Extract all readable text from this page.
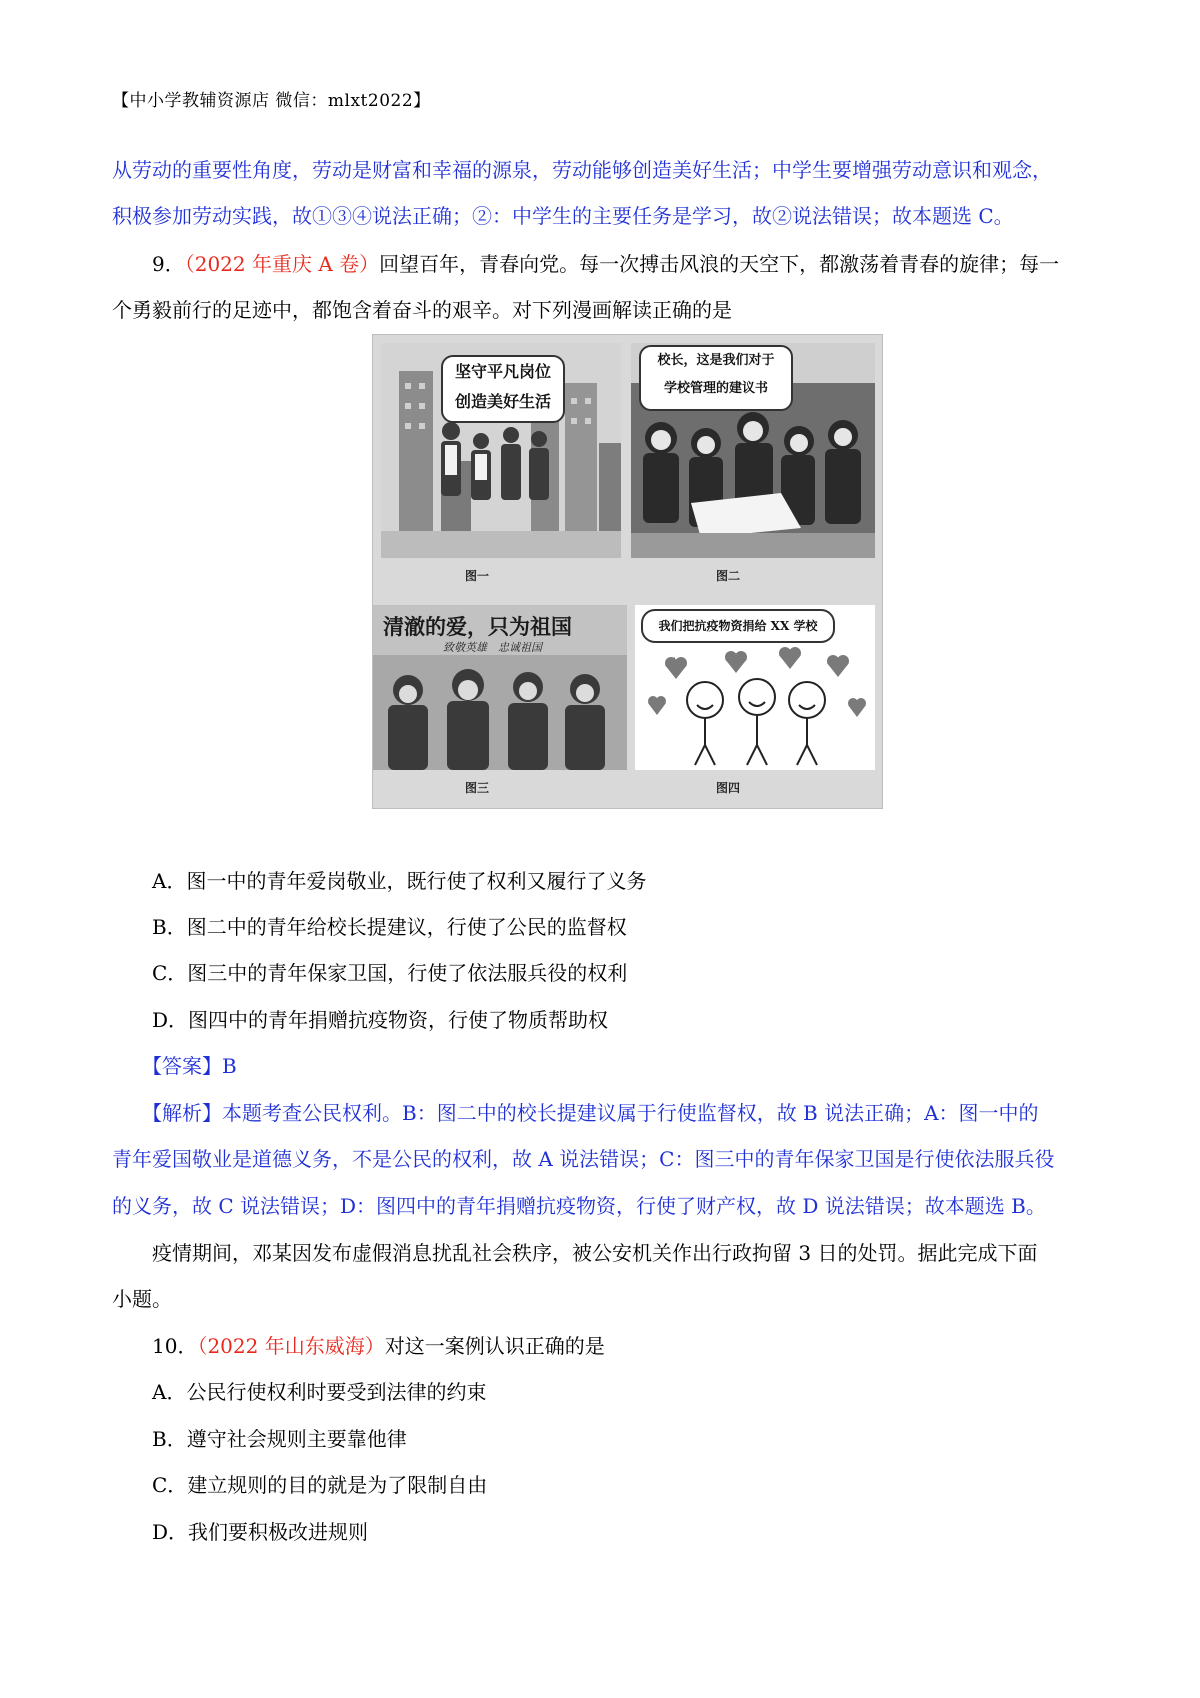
【中小学教辅资源店 微信：mlxt2022】
从劳动的重要性角度，劳动是财富和幸福的源泉，劳动能够创造美好生活；中学生要增强劳动意识和观念，
积极参加劳动实践，故①③④说法正确；②：中学生的主要任务是学习，故②说法错误；故本题选 C。
9．（2022 年重庆 A 卷）回望百年，青春向党。每一次搏击风浪的天空下，都激荡着青春的旋律；每一
个勇毅前行的足迹中，都饱含着奋斗的艰辛。对下列漫画解读正确的是
坚守平凡岗位
创造美好生活
校长，这是我们对于
学校管理的建议书
图一	图二
清澈的爱，只为祖国
致敬英雄　忠诚祖国
我们把抗疫物资捐给 XX 学校
图三	图四
A．图一中的青年爱岗敬业，既行使了权利又履行了义务
B．图二中的青年给校长提建议，行使了公民的监督权
C．图三中的青年保家卫国，行使了依法服兵役的权利
D．图四中的青年捐赠抗疫物资，行使了物质帮助权
【答案】B
【解析】本题考查公民权利。B：图二中的校长提建议属于行使监督权，故 B 说法正确；A：图一中的
青年爱国敬业是道德义务，不是公民的权利，故 A 说法错误；C：图三中的青年保家卫国是行使依法服兵役
的义务，故 C 说法错误；D：图四中的青年捐赠抗疫物资，行使了财产权，故 D 说法错误；故本题选 B。
疫情期间，邓某因发布虚假消息扰乱社会秩序，被公安机关作出行政拘留 3 日的处罚。据此完成下面
小题。
10．（2022 年山东威海）对这一案例认识正确的是
A．公民行使权利时要受到法律的约束
B．遵守社会规则主要靠他律
C．建立规则的目的就是为了限制自由
D．我们要积极改进规则
